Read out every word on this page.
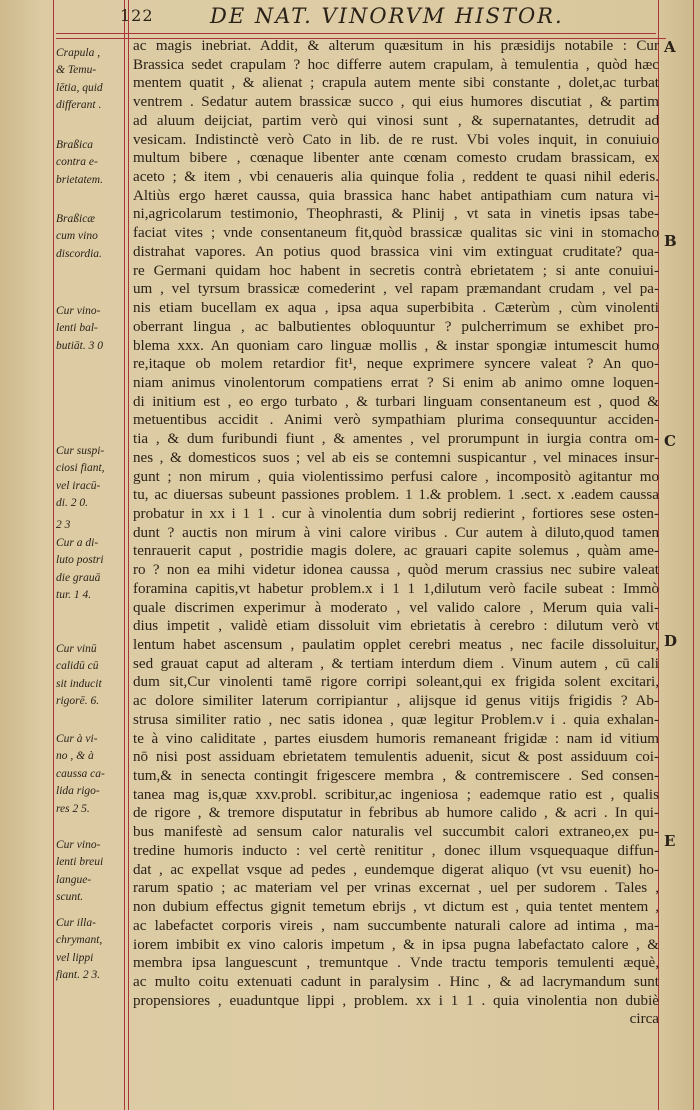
122	DE NAT. VINORVM HISTOR.
Crapula ,
& Temu-
lētia, quid
differant .
Braßica
contra e-
brietatem.
Braßicæ
cum vino
discordia.
Cur vino-
lenti bal-
butiāt. 3 0
Cur suspi-
ciosi fiant,
vel iracū-
di. 2 0.
2 3
Cur a di-
luto postri
die grauā
tur. 1 4.
Cur vinū
calidū cū
sit inducit
rigorē. 6.
Cur à vi-
no , & à
caussa ca-
lida rigo-
res 2 5.
Cur vino-
lenti breui
langue-
scunt.
Cur illa-
chrymant,
vel lippi
fiant. 2 3.
ac magis inebriat. Addit, & alterum quæsitum in his præsidijs notabile : Cur
Brassica sedet crapulam ? hoc differre autem crapulam, à temulentia , quòd hæc
mentem quatit , & alienat ; crapula autem mente sibi constante , dolet,ac turbat
ventrem . Sedatur autem brassicæ succo , qui eius humores discutiat , & partim
ad aluum deijciat, partim verò qui vinosi sunt , & supernatantes, detrudit ad
vesicam. Indistinctè verò Cato in lib. de re rust. Vbi voles inquit, in conuiuio
multum bibere , cœnaque libenter ante cœnam comesto crudam brassicam, ex
aceto ; & item , vbi cenaueris alia quinque folia , reddent te quasi nihil ederis.
Altiùs ergo hæret caussa, quia brassica hanc habet antipathiam cum natura vi-
ni,agricolarum testimonio, Theophrasti, & Plinij , vt sata in vinetis ipsas tabe-
faciat vites ; vnde consentaneum fit,quòd brassicæ qualitas sic vini in stomacho
distrahat vapores. An potius quod brassica vini vim extinguat cruditate? qua-
re Germani quidam hoc habent in secretis contrà ebrietatem ; si ante conuiui-
um , vel tyrsum brassicæ comederint , vel rapam præmandant crudam , vel pa-
nis etiam bucellam ex aqua , ipsa aqua superbibita . Cæterùm , cùm vinolenti
oberrant lingua , ac balbutientes obloquuntur ? pulcherrimum se exhibet pro-
blema xxx. An quoniam caro linguæ mollis , & instar spongiæ intumescit humo
re,itaque ob molem retardior fit¹, neque exprimere syncere valeat ? An quo-
niam animus vinolentorum compatiens errat ? Si enim ab animo omne loquen-
di initium est , eo ergo turbato , & turbari linguam consentaneum est , quod &
metuentibus accidit . Animi verò sympathiam plurima consequuntur acciden-
tia , & dum furibundi fiunt , & amentes , vel prorumpunt in iurgia contra om-
nes , & domesticos suos ; vel ab eis se contemni suspicantur , vel minaces insur-
gunt ; non mirum , quia violentissimo perfusi calore , incompositò agitantur mo
tu, ac diuersas subeunt passiones problem. 1 1.& problem. 1 .sect. x .eadem caussa
probatur in xx i 1 1 . cur à vinolentia dum sobrij redierint , fortiores sese osten-
dunt ? auctis non mirum à vini calore viribus . Cur autem à diluto,quod tamen
tenrauerit caput , postridie magis dolere, ac grauari capite solemus , quàm ame-
ro ? non ea mihi videtur idonea caussa , quòd merum crassius nec subire valeat
foramina capitis,vt habetur problem.x i 1 1 1,dilutum verò facile subeat : Immò
quale discrimen experimur à moderato , vel valido calore , Merum quia vali-
dius impetit , validè etiam dissoluit vim ebrietatis à cerebro : dilutum verò vt
lentum habet ascensum , paulatim opplet cerebri meatus , nec facile dissoluitur,
sed grauat caput ad alteram , & tertiam interdum diem . Vinum autem , cū cali
dum sit,Cur vinolenti tamē rigore corripi soleant,qui ex frigida solent excitari,
ac dolore similiter laterum corripiantur , alijsque id genus vitijs frigidis ? Ab-
strusa similiter ratio , nec satis idonea , quæ legitur Problem.v i . quia exhalan-
te à vino caliditate , partes eiusdem humoris remaneant frigidæ : nam id vitium
nō nisi post assiduam ebrietatem temulentis aduenit, sicut & post assiduum coi-
tum,& in senecta contingit frigescere membra , & contremiscere . Sed consen-
tanea mag is,quæ xxv.probl. scribitur,ac ingeniosa ; eademque ratio est , qualis
de rigore , & tremore disputatur in febribus ab humore calido , & acri . In qui-
bus manifestè ad sensum calor naturalis vel succumbit calori extraneo,ex pu-
tredine humoris inducto : vel certè renititur , donec illum vsquequaque diffun-
dat , ac expellat vsque ad pedes , eundemque digerat aliquo (vt vsu euenit) ho-
rarum spatio ; ac materiam vel per vrinas excernat , uel per sudorem . Tales ,
non dubium effectus gignit temetum ebrijs , vt dictum est , quia tentet mentem ,
ac labefactet corporis vireis , nam succumbente naturali calore ad intima , ma-
iorem imbibit ex vino caloris impetum , & in ipsa pugna labefactato calore , &
membra ipsa languescunt , tremuntque . Vnde tractu temporis temulenti æquè,
ac multo coitu extenuati cadunt in paralysim . Hinc , & ad lacrymandum sunt
propensiores , euaduntque lippi , problem. xx i 1 1 . quia vinolentia non dubiè
circa
A
B
C
D
E
